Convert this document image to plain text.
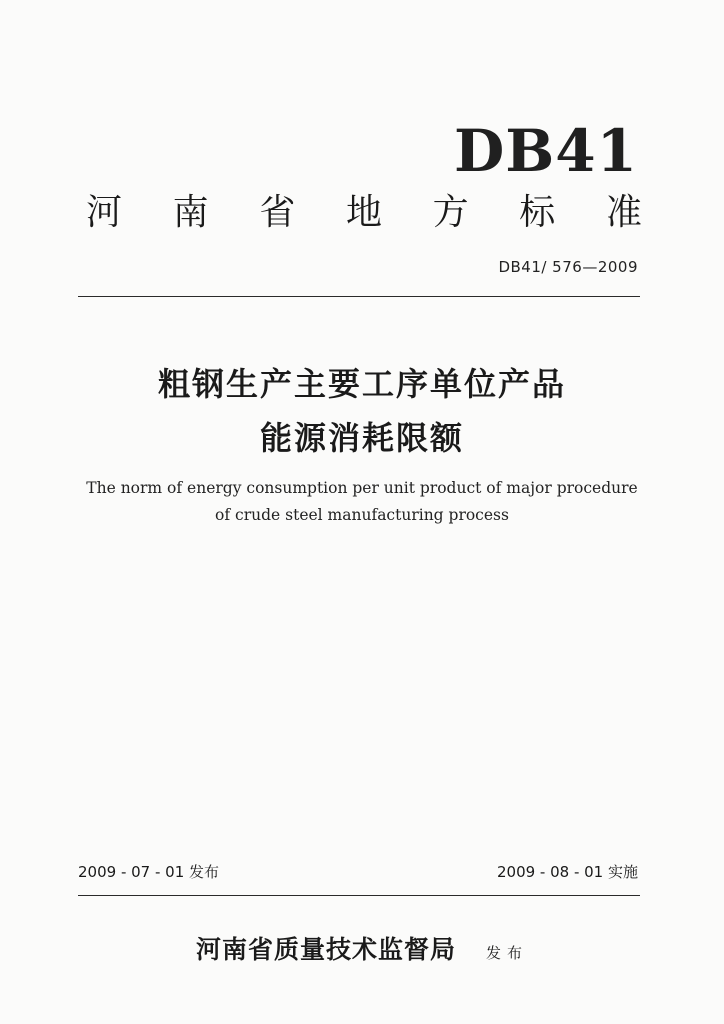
DB41
河 南 省 地 方 标 准
DB41/ 576—2009
粗钢生产主要工序单位产品
能源消耗限额
The norm of energy consumption per unit product of major procedure
of crude steel manufacturing process
2009 - 07 - 01 发布	2009 - 08 - 01 实施
河南省质量技术监督局 发布
